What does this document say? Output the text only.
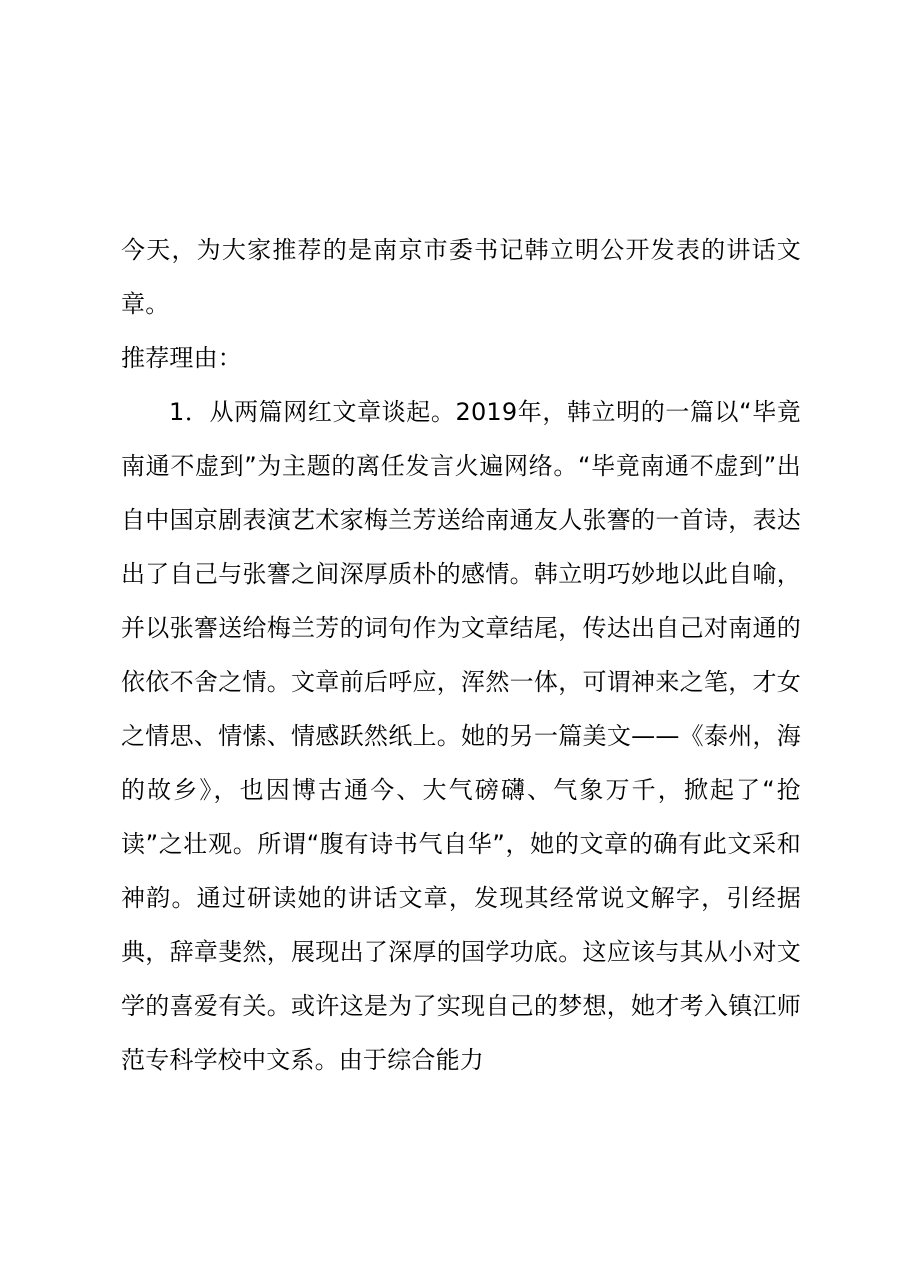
今天，为大家推荐的是南京市委书记韩立明公开发表的讲话文章。

推荐理由：

1．从两篇网红文章谈起。2019年，韩立明的一篇以“毕竟南通不虚到”为主题的离任发言火遍网络。“毕竟南通不虚到”出自中国京剧表演艺术家梅兰芳送给南通友人张謇的一首诗，表达出了自己与张謇之间深厚质朴的感情。韩立明巧妙地以此自喻，并以张謇送给梅兰芳的词句作为文章结尾，传达出自己对南通的依依不舍之情。文章前后呼应，浑然一体，可谓神来之笔，才女之情思、情愫、情感跃然纸上。她的另一篇美文——《泰州，海的故乡》，也因博古通今、大气磅礴、气象万千，掀起了“抢读”之壮观。所谓“腹有诗书气自华”，她的文章的确有此文采和神韵。通过研读她的讲话文章，发现其经常说文解字，引经据典，辞章斐然，展现出了深厚的国学功底。这应该与其从小对文学的喜爱有关。或许这是为了实现自己的梦想，她才考入镇江师范专科学校中文系。由于综合能力
